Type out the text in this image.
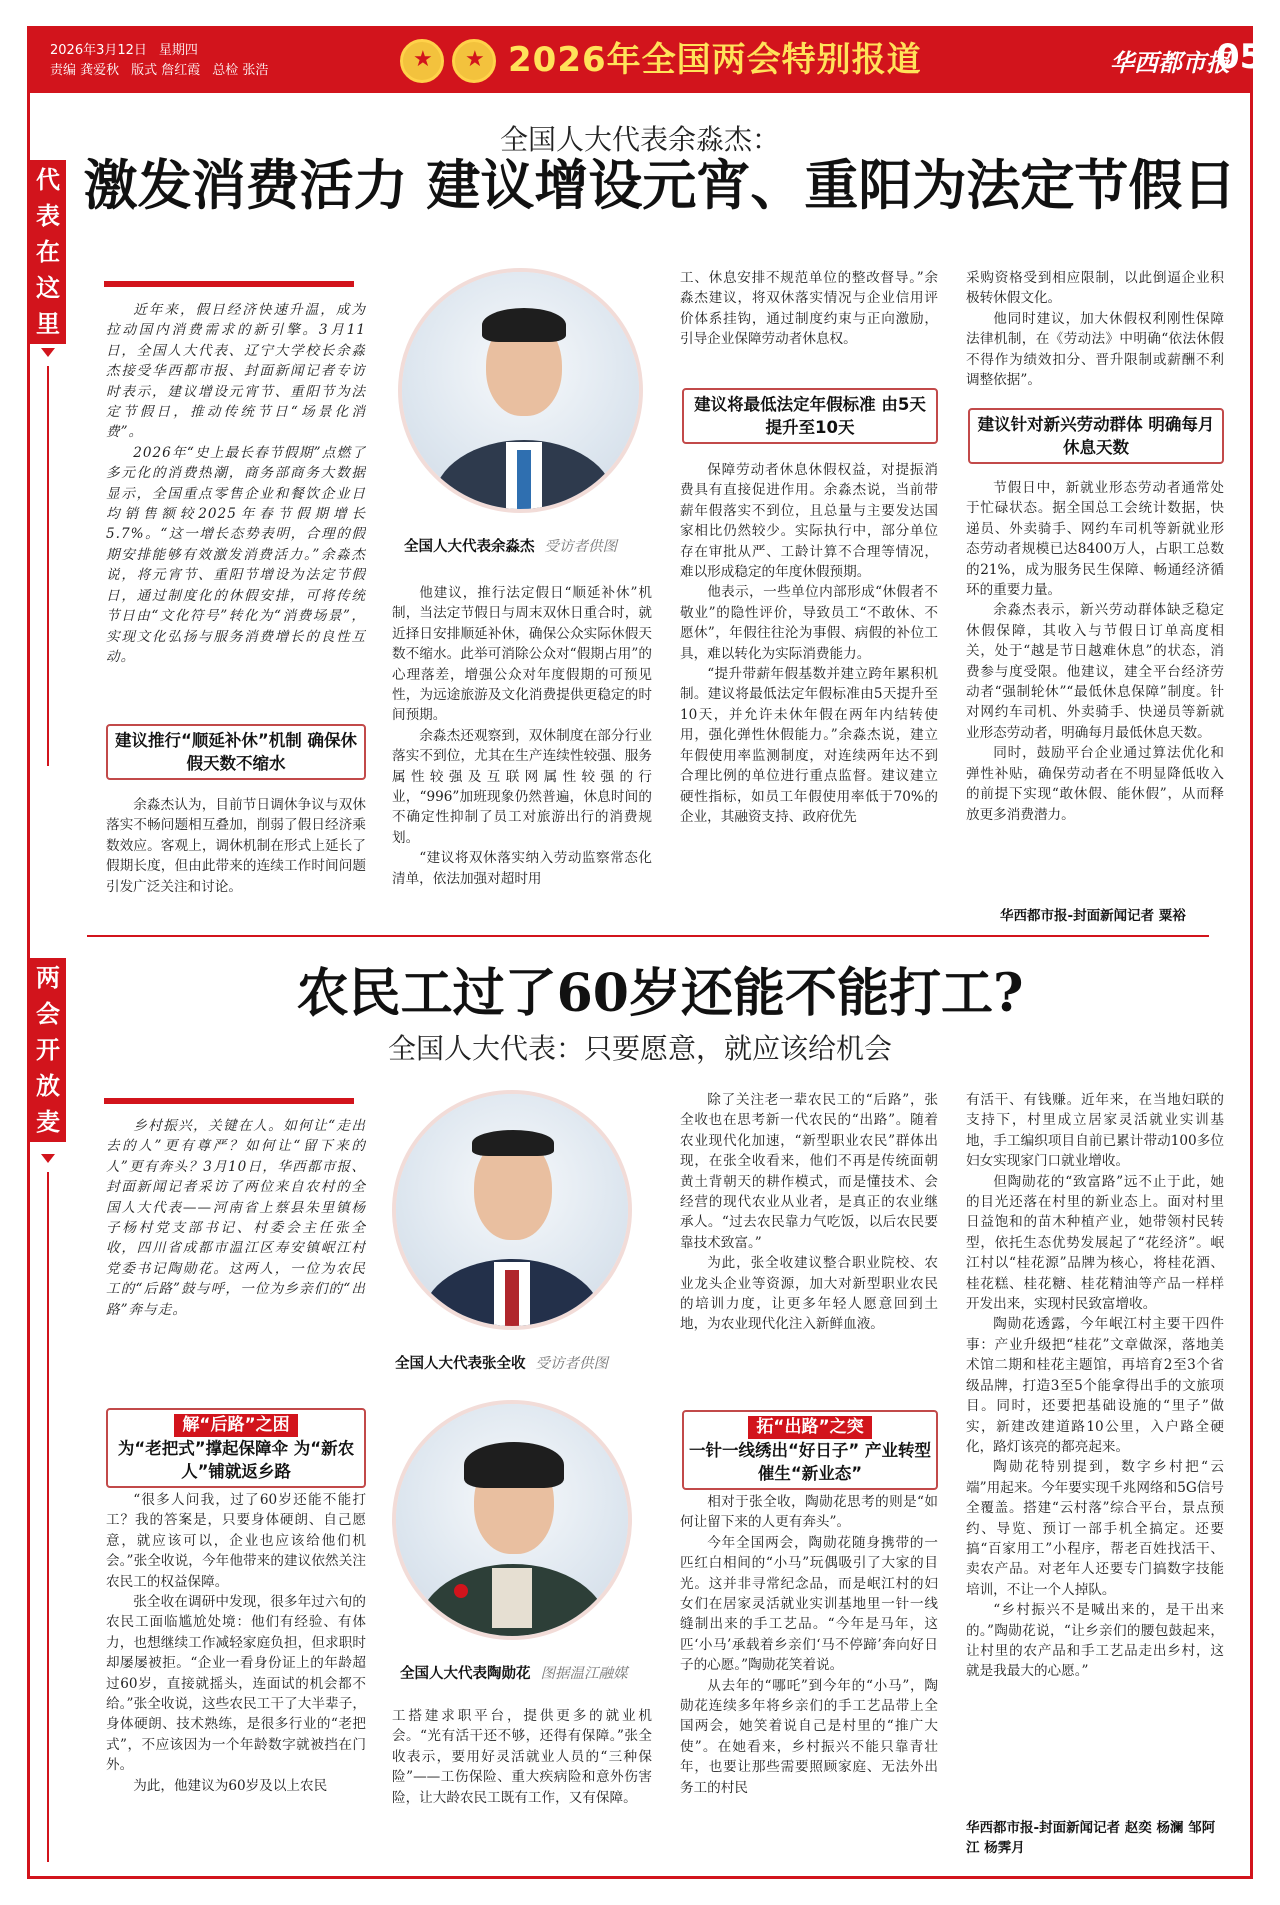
2026年3月12日 星期四
责编 龚爱秋 版式 詹红霞 总检 张浩 ★ ★	2026年全国两会特别报道	华西都市报
05
代
表
在
这
里
全国人大代表余淼杰：
激发消费活力 建议增设元宵、重阳为法定节假日

近年来，假日经济快速升温，成为拉动国内消费需求的新引擎。3月11日，全国人大代表、辽宁大学校长余淼杰接受华西都市报、封面新闻记者专访时表示，建议增设元宵节、重阳节为法定节假日，推动传统节日“场景化消费”。

2026年“史上最长春节假期”点燃了多元化的消费热潮，商务部商务大数据显示，全国重点零售企业和餐饮企业日均销售额较2025年春节假期增长5.7%。“这一增长态势表明，合理的假期安排能够有效激发消费活力。”余淼杰说，将元宵节、重阳节增设为法定节假日，通过制度化的休假安排，可将传统节日由“文化符号”转化为“消费场景”，实现文化弘扬与服务消费增长的良性互动。

建议推行“顺延补休”机制 确保休假天数不缩水

余淼杰认为，目前节日调休争议与双休落实不畅问题相互叠加，削弱了假日经济乘数效应。客观上，调休机制在形式上延长了假期长度，但由此带来的连续工作时间问题引发广泛关注和讨论。

全国人大代表余淼杰 受访者供图

他建议，推行法定假日“顺延补休”机制，当法定节假日与周末双休日重合时，就近择日安排顺延补休，确保公众实际休假天数不缩水。此举可消除公众对“假期占用”的心理落差，增强公众对年度假期的可预见性，为远途旅游及文化消费提供更稳定的时间预期。

余淼杰还观察到，双休制度在部分行业落实不到位，尤其在生产连续性较强、服务属性较强及互联网属性较强的行业，“996”加班现象仍然普遍，休息时间的不确定性抑制了员工对旅游出行的消费规划。

“建议将双休落实纳入劳动监察常态化清单，依法加强对超时用

工、休息安排不规范单位的整改督导。”余淼杰建议，将双休落实情况与企业信用评价体系挂钩，通过制度约束与正向激励，引导企业保障劳动者休息权。

建议将最低法定年假标准 由5天提升至10天

保障劳动者休息休假权益，对提振消费具有直接促进作用。余淼杰说，当前带薪年假落实不到位，且总量与主要发达国家相比仍然较少。实际执行中，部分单位存在审批从严、工龄计算不合理等情况，难以形成稳定的年度休假预期。

他表示，一些单位内部形成“休假者不敬业”的隐性评价，导致员工“不敢休、不愿休”，年假往往沦为事假、病假的补位工具，难以转化为实际消费能力。

“提升带薪年假基数并建立跨年累积机制。建议将最低法定年假标准由5天提升至10天，并允许未休年假在两年内结转使用，强化弹性休假能力。”余淼杰说，建立年假使用率监测制度，对连续两年达不到合理比例的单位进行重点监督。建议建立硬性指标，如员工年假使用率低于70%的企业，其融资支持、政府优先

采购资格受到相应限制，以此倒逼企业积极转休假文化。

他同时建议，加大休假权利刚性保障法律机制，在《劳动法》中明确“依法休假不得作为绩效扣分、晋升限制或薪酬不利调整依据”。

建议针对新兴劳动群体 明确每月休息天数

节假日中，新就业形态劳动者通常处于忙碌状态。据全国总工会统计数据，快递员、外卖骑手、网约车司机等新就业形态劳动者规模已达8400万人，占职工总数的21%，成为服务民生保障、畅通经济循环的重要力量。

余淼杰表示，新兴劳动群体缺乏稳定休假保障，其收入与节假日订单高度相关，处于“越是节日越难休息”的状态，消费参与度受限。他建议，建全平台经济劳动者“强制轮休”“最低休息保障”制度。针对网约车司机、外卖骑手、快递员等新就业形态劳动者，明确每月最低休息天数。

同时，鼓励平台企业通过算法优化和弹性补贴，确保劳动者在不明显降低收入的前提下实现“敢休假、能休假”，从而释放更多消费潜力。

华西都市报-封面新闻记者 粟裕
两
会
开
放
麦
农民工过了60岁还能不能打工?
全国人大代表：只要愿意，就应该给机会

乡村振兴，关键在人。如何让“走出去的人”更有尊严？如何让“留下来的人”更有奔头？3月10日，华西都市报、封面新闻记者采访了两位来自农村的全国人大代表——河南省上蔡县朱里镇杨子杨村党支部书记、村委会主任张全收，四川省成都市温江区寿安镇岷江村党委书记陶勋花。这两人，一位为农民工的“后路”鼓与呼，一位为乡亲们的“出路”奔与走。

解“后路”之困
为“老把式”撑起保障伞 为“新农人”铺就返乡路

“很多人问我，过了60岁还能不能打工？我的答案是，只要身体硬朗、自己愿意，就应该可以，企业也应该给他们机会。”张全收说，今年他带来的建议依然关注农民工的权益保障。

张全收在调研中发现，很多年过六旬的农民工面临尴尬处境：他们有经验、有体力，也想继续工作减轻家庭负担，但求职时却屡屡被拒。“企业一看身份证上的年龄超过60岁，直接就摇头，连面试的机会都不给。”张全收说，这些农民工干了大半辈子，身体硬朗、技术熟练，是很多行业的“老把式”，不应该因为一个年龄数字就被挡在门外。

为此，他建议为60岁及以上农民

全国人大代表张全收 受访者供图
全国人大代表陶勋花 图据温江融媒

工搭建求职平台，提供更多的就业机会。“光有活干还不够，还得有保障。”张全收表示，要用好灵活就业人员的“三种保险”——工伤保险、重大疾病险和意外伤害险，让大龄农民工既有工作，又有保障。

除了关注老一辈农民工的“后路”，张全收也在思考新一代农民的“出路”。随着农业现代化加速，“新型职业农民”群体出现，在张全收看来，他们不再是传统面朝黄土背朝天的耕作模式，而是懂技术、会经营的现代农业从业者，是真正的农业继承人。“过去农民靠力气吃饭，以后农民要靠技术致富。”

为此，张全收建议整合职业院校、农业龙头企业等资源，加大对新型职业农民的培训力度，让更多年轻人愿意回到土地，为农业现代化注入新鲜血液。

拓“出路”之突
一针一线绣出“好日子” 产业转型催生“新业态”

相对于张全收，陶勋花思考的则是“如何让留下来的人更有奔头”。

今年全国两会，陶勋花随身携带的一匹红白相间的“小马”玩偶吸引了大家的目光。这并非寻常纪念品，而是岷江村的妇女们在居家灵活就业实训基地里一针一线缝制出来的手工艺品。“今年是马年，这匹‘小马’承载着乡亲们‘马不停蹄’奔向好日子的心愿。”陶勋花笑着说。

从去年的“哪吒”到今年的“小马”，陶勋花连续多年将乡亲们的手工艺品带上全国两会，她笑着说自己是村里的“推广大使”。在她看来，乡村振兴不能只靠青壮年，也要让那些需要照顾家庭、无法外出务工的村民

有活干、有钱赚。近年来，在当地妇联的支持下，村里成立居家灵活就业实训基地，手工编织项目自前已累计带动100多位妇女实现家门口就业增收。

但陶勋花的“致富路”远不止于此，她的目光还落在村里的新业态上。面对村里日益饱和的苗木种植产业，她带领村民转型，依托生态优势发展起了“花经济”。岷江村以“桂花源”品牌为核心，将桂花酒、桂花糕、桂花糖、桂花精油等产品一样样开发出来，实现村民致富增收。

陶勋花透露，今年岷江村主要干四件事：产业升级把“桂花”文章做深，落地美术馆二期和桂花主题馆，再培育2至3个省级品牌，打造3至5个能拿得出手的文旅项目。同时，还要把基础设施的“里子”做实，新建改建道路10公里，入户路全硬化，路灯该亮的都亮起来。

陶勋花特别提到，数字乡村把“云端”用起来。今年要实现千兆网络和5G信号全覆盖。搭建“云村落”综合平台，景点预约、导览、预订一部手机全搞定。还要搞“百家用工”小程序，帮老百姓找活干、卖农产品。对老年人还要专门搞数字技能培训，不让一个人掉队。

“乡村振兴不是喊出来的，是干出来的。”陶勋花说，“让乡亲们的腰包鼓起来，让村里的农产品和手工艺品走出乡村，这就是我最大的心愿。”

华西都市报-封面新闻记者 赵奕 杨澜 邹阿江 杨霁月
